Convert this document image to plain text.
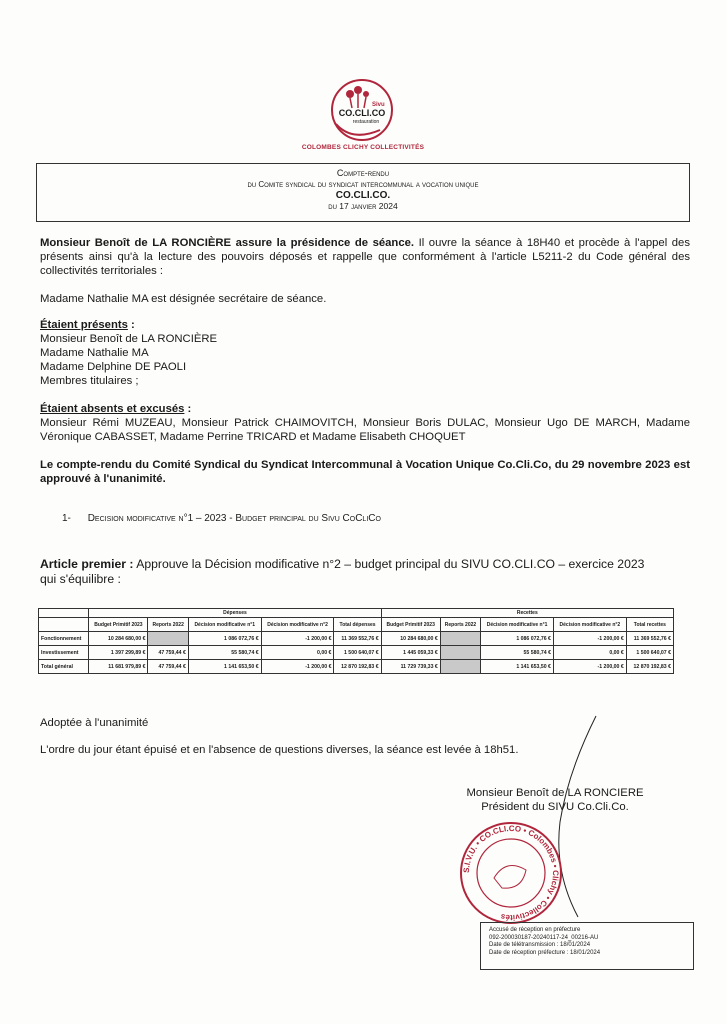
Sivu
CO.CLI.CO
restauration
COLOMBES CLICHY COLLECTIVITÉS
Compte-rendu
du Comite syndical du syndicat intercommunal a vocation unique
CO.CLI.CO.
du 17 janvier 2024
Monsieur Benoît de LA RONCIÈRE assure la présidence de séance. Il ouvre la séance à 18H40 et procède à l'appel des présents ainsi qu'à la lecture des pouvoirs déposés et rappelle que conformément à l'article L5211-2 du Code général des collectivités territoriales :
Madame Nathalie MA est désignée secrétaire de séance.
Étaient présents :
Monsieur Benoît de LA RONCIÈRE
Madame Nathalie MA
Madame Delphine DE PAOLI
Membres titulaires ;
Étaient absents et excusés :
Monsieur Rémi MUZEAU, Monsieur Patrick CHAIMOVITCH, Monsieur Boris DULAC, Monsieur Ugo DE MARCH, Madame Véronique CABASSET, Madame Perrine TRICARD et Madame Elisabeth CHOQUET
Le compte-rendu du Comité Syndical du Syndicat Intercommunal à Vocation Unique Co.Cli.Co, du 29 novembre 2023 est approuvé à l'unanimité.
1- Decision modificative n°1 – 2023 - Budget principal du Sivu CoCliCo
Article premier : Approuve la Décision modificative n°2 – budget principal du SIVU CO.CLI.CO – exercice 2023 qui s'équilibre :
	Dépenses					Recettes				
	Budget Primitif 2023	Reports 2022	Décision modificative n°1	Décision modificative n°2	Total dépenses	Budget Primitif 2023	Reports 2022	Décision modificative n°1	Décision modificative n°2	Total recettes
Fonctionnement	10 284 680,00 €		1 086 072,76 €	-1 200,00 €	11 369 552,76 €	10 284 680,00 €		1 086 072,76 €	-1 200,00 €	11 369 552,76 €
Investissement	1 397 299,89 €	47 759,44 €	55 580,74 €	0,00 €	1 500 640,07 €	1 445 059,33 €		55 580,74 €	0,00 €	1 500 640,07 €
Total général	11 681 979,89 €	47 759,44 €	1 141 653,50 €	-1 200,00 €	12 870 192,83 €	11 729 739,33 €		1 141 653,50 €	-1 200,00 €	12 870 192,83 €
Adoptée à l'unanimité
L'ordre du jour étant épuisé et en l'absence de questions diverses, la séance est levée à 18h51.
Monsieur Benoît de LA RONCIERE
Président du SIVU Co.Cli.Co.
S.I.V.U. • CO.CLI.CO • Colombes • Clichy • Collectivités
Accusé de réception en préfecture
092-200030187-20240117-24_00216-AU
Date de télétransmission : 18/01/2024
Date de réception préfecture : 18/01/2024
